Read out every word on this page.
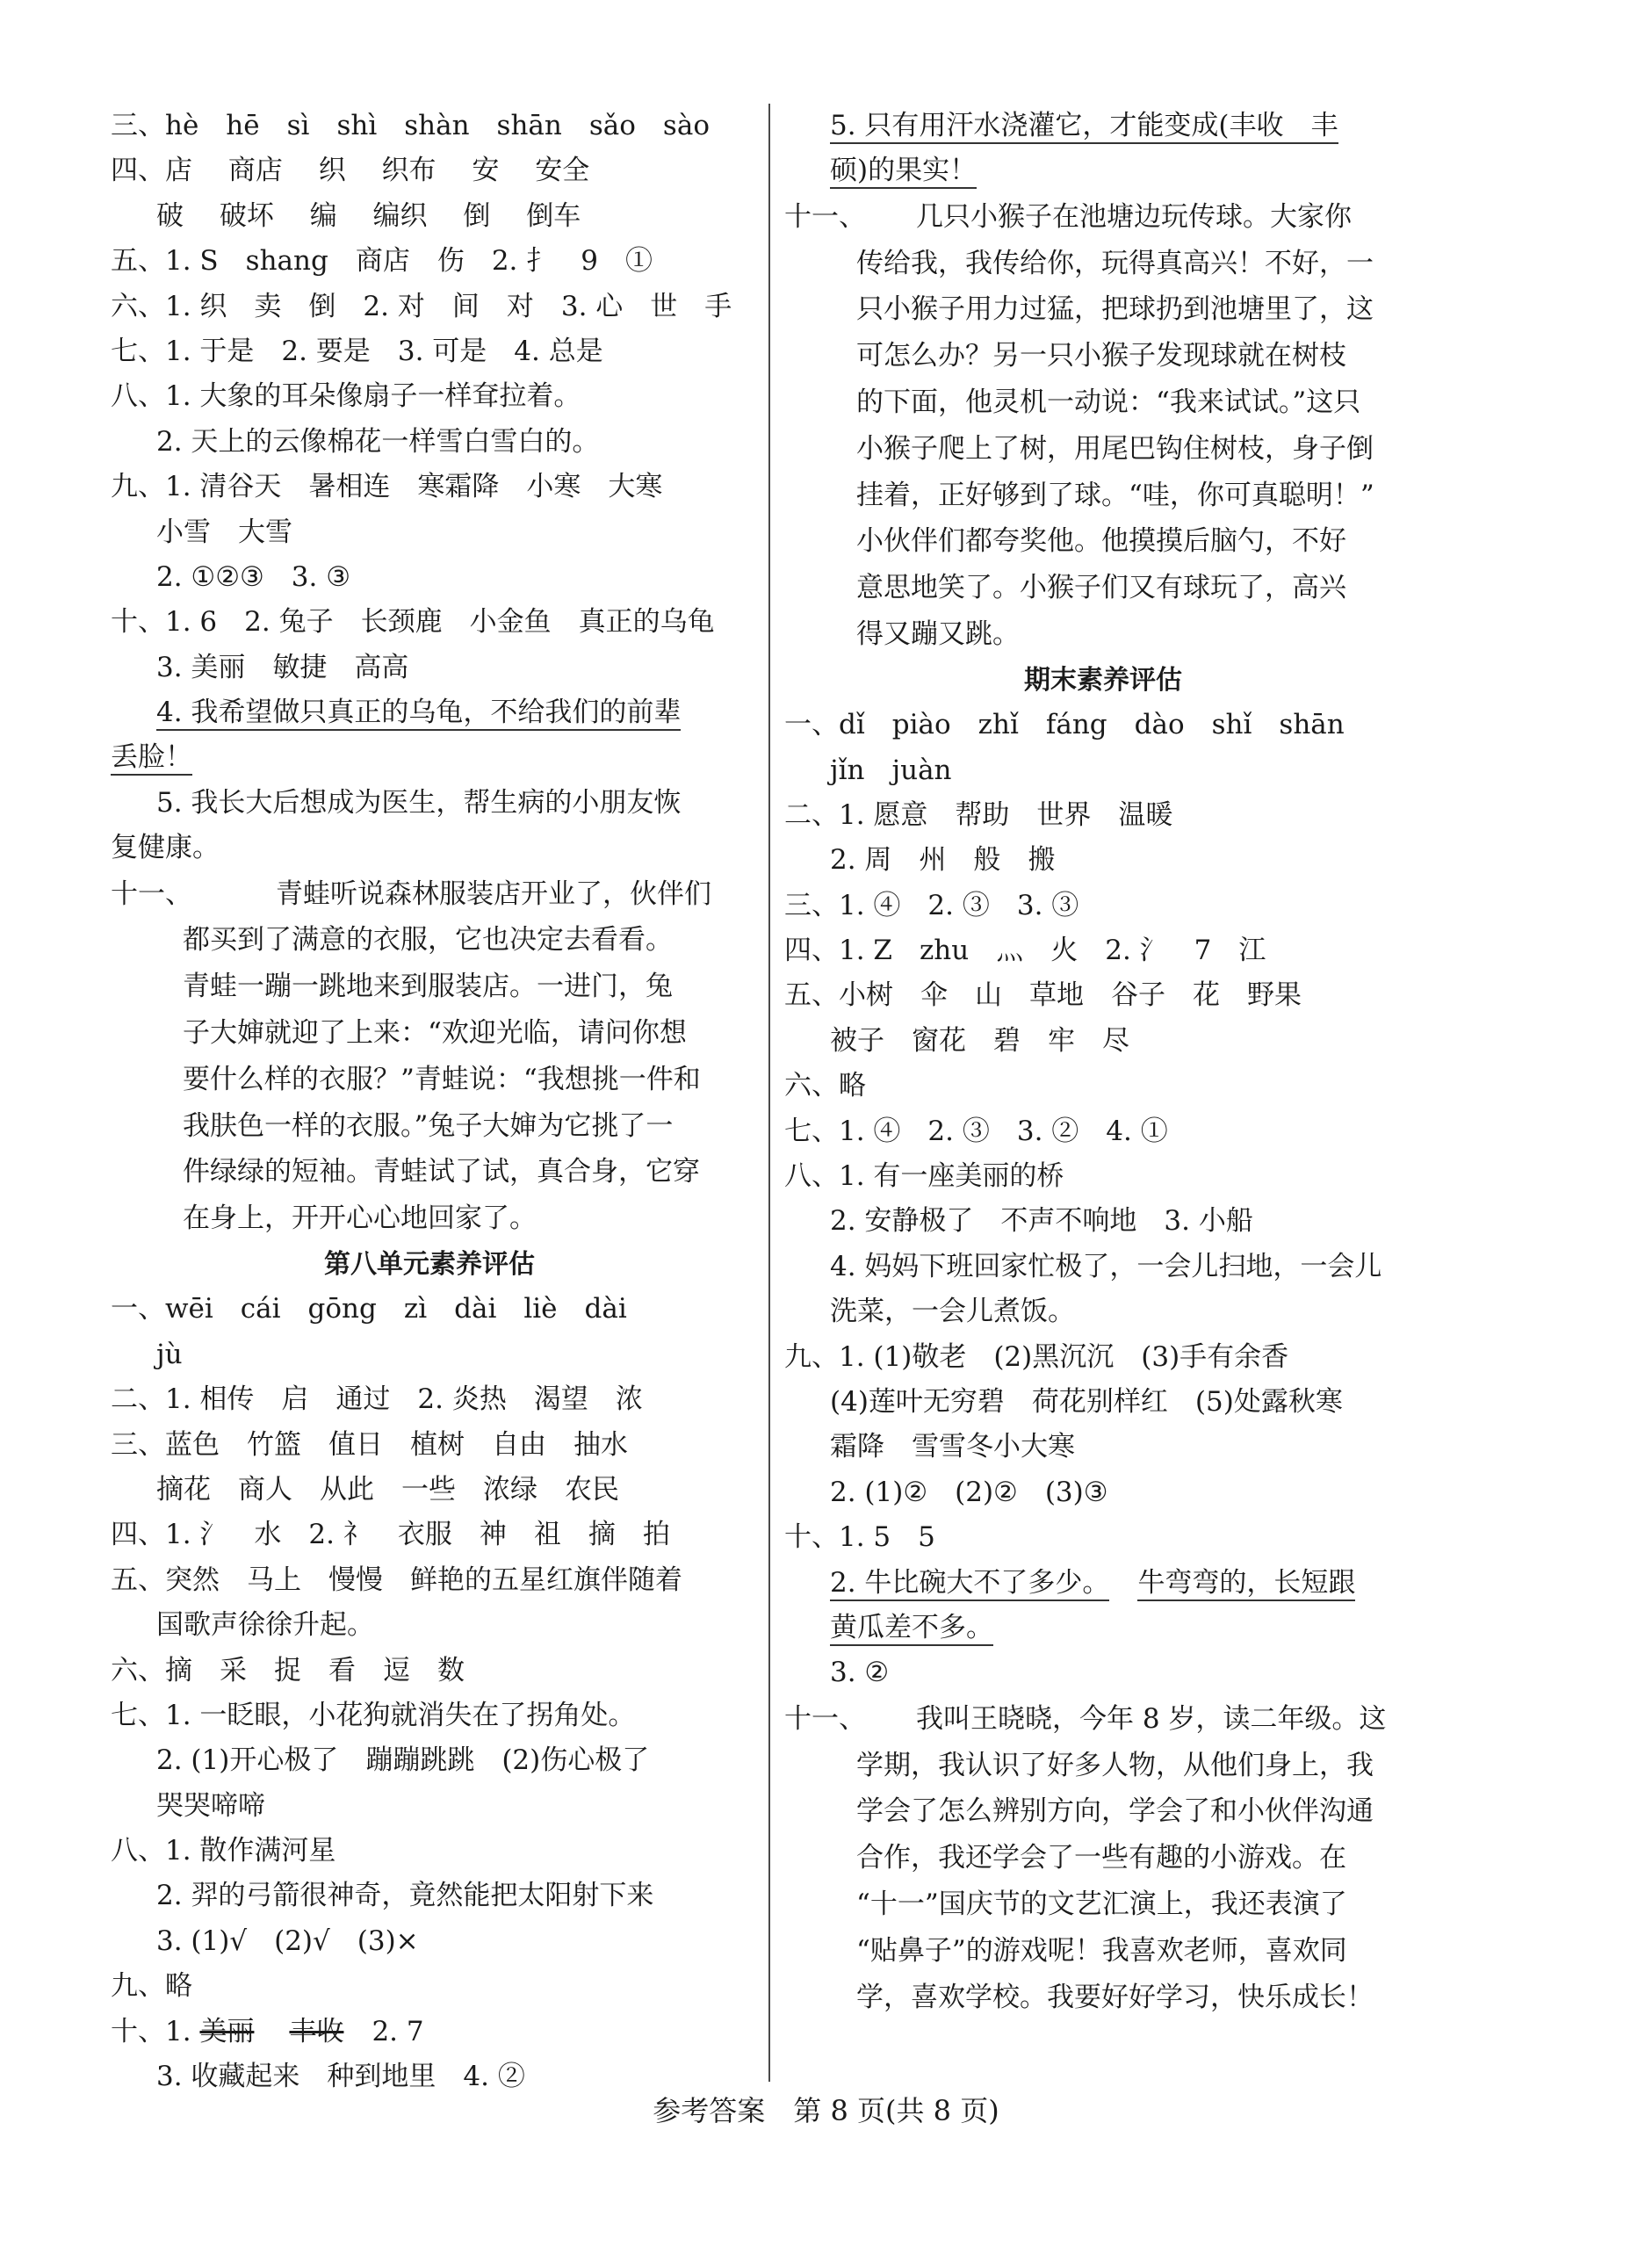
三、hè　hē　sì　shì　shàn　shān　sǎo　sào
四、店　 商店　 织　 织布　 安　 安全
破　 破坏　 编　 编织　 倒　 倒车
五、1. S　shang　商店　伤　2. 扌　9　①
六、1. 织　卖　倒　2. 对　间　对　3. 心　世　手
七、1. 于是　2. 要是　3. 可是　4. 总是
八、1. 大象的耳朵像扇子一样耷拉着。
2. 天上的云像棉花一样雪白雪白的。
九、1. 清谷天　暑相连　寒霜降　小寒　大寒
小雪　大雪
2. ①②③　3. ③
十、1. 6　2. 兔子　长颈鹿　小金鱼　真正的乌龟
3. 美丽　敏捷　高高
4. 我希望做只真正的乌龟，不给我们的前辈
丢脸！
5. 我长大后想成为医生，帮生病的小朋友恢
复健康。
十一、	青蛙听说森林服装店开业了，伙伴们
都买到了满意的衣服，它也决定去看看。
青蛙一蹦一跳地来到服装店。一进门，兔
子大婶就迎了上来：“欢迎光临，请问你想
要什么样的衣服？”青蛙说：“我想挑一件和
我肤色一样的衣服。”兔子大婶为它挑了一
件绿绿的短袖。青蛙试了试，真合身，它穿
在身上，开开心心地回家了。
第八单元素养评估
一、wēi　cái　gōng　zì　dài　liè　dài
jù
二、1. 相传　启　通过　2. 炎热　渴望　浓
三、蓝色　竹篮　值日　植树　自由　抽水
摘花　商人　从此　一些　浓绿　农民
四、1. 氵　水　2. 礻　衣服　神　祖　摘　拍
五、突然　马上　慢慢　鲜艳的五星红旗伴随着
国歌声徐徐升起。
六、摘　采　捉　看　逗　数
七、1. 一眨眼，小花狗就消失在了拐角处。
2. (1)开心极了　蹦蹦跳跳　(2)伤心极了
哭哭啼啼
八、1. 散作满河星
2. 羿的弓箭很神奇，竟然能把太阳射下来
3. (1)√　(2)√　(3)×
九、略
十、1. 美丽 丰收 2. 7
3. 收藏起来　种到地里　4. ②
5. 只有用汗水浇灌它，才能变成(丰收　丰
硕)的果实！
十一、 几只小猴子在池塘边玩传球。大家你
传给我，我传给你，玩得真高兴！不好，一
只小猴子用力过猛，把球扔到池塘里了，这
可怎么办？另一只小猴子发现球就在树枝
的下面，他灵机一动说：“我来试试。”这只
小猴子爬上了树，用尾巴钩住树枝，身子倒
挂着，正好够到了球。“哇，你可真聪明！”
小伙伴们都夸奖他。他摸摸后脑勺，不好
意思地笑了。小猴子们又有球玩了，高兴
得又蹦又跳。
期末素养评估
一、dǐ　piào　zhǐ　fáng　dào　shǐ　shān
jǐn　juàn
二、1. 愿意　帮助　世界　温暖
2. 周　州　般　搬
三、1. ④　2. ③　3. ③
四、1. Z　zhu　灬　火　2. 氵　7　江
五、小树　伞　山　草地　谷子　花　野果
被子　窗花　碧　牢　尽
六、略
七、1. ④　2. ③　3. ②　4. ①
八、1. 有一座美丽的桥
2. 安静极了　不声不响地　3. 小船
4. 妈妈下班回家忙极了，一会儿扫地，一会儿
洗菜，一会儿煮饭。
九、1. (1)敬老　(2)黑沉沉　(3)手有余香
(4)莲叶无穷碧　荷花别样红　(5)处露秋寒
霜降　雪雪冬小大寒
2. (1)②　(2)②　(3)③
十、1. 5　5
2. 牛比碗大不了多少。 牛弯弯的，长短跟
黄瓜差不多。
3. ②
十一、 我叫王晓晓，今年 8 岁，读二年级。这
学期，我认识了好多人物，从他们身上，我
学会了怎么辨别方向，学会了和小伙伴沟通
合作，我还学会了一些有趣的小游戏。在
“十一”国庆节的文艺汇演上，我还表演了
“贴鼻子”的游戏呢！我喜欢老师，喜欢同
学，喜欢学校。我要好好学习，快乐成长！
参考答案　第 8 页(共 8 页)
